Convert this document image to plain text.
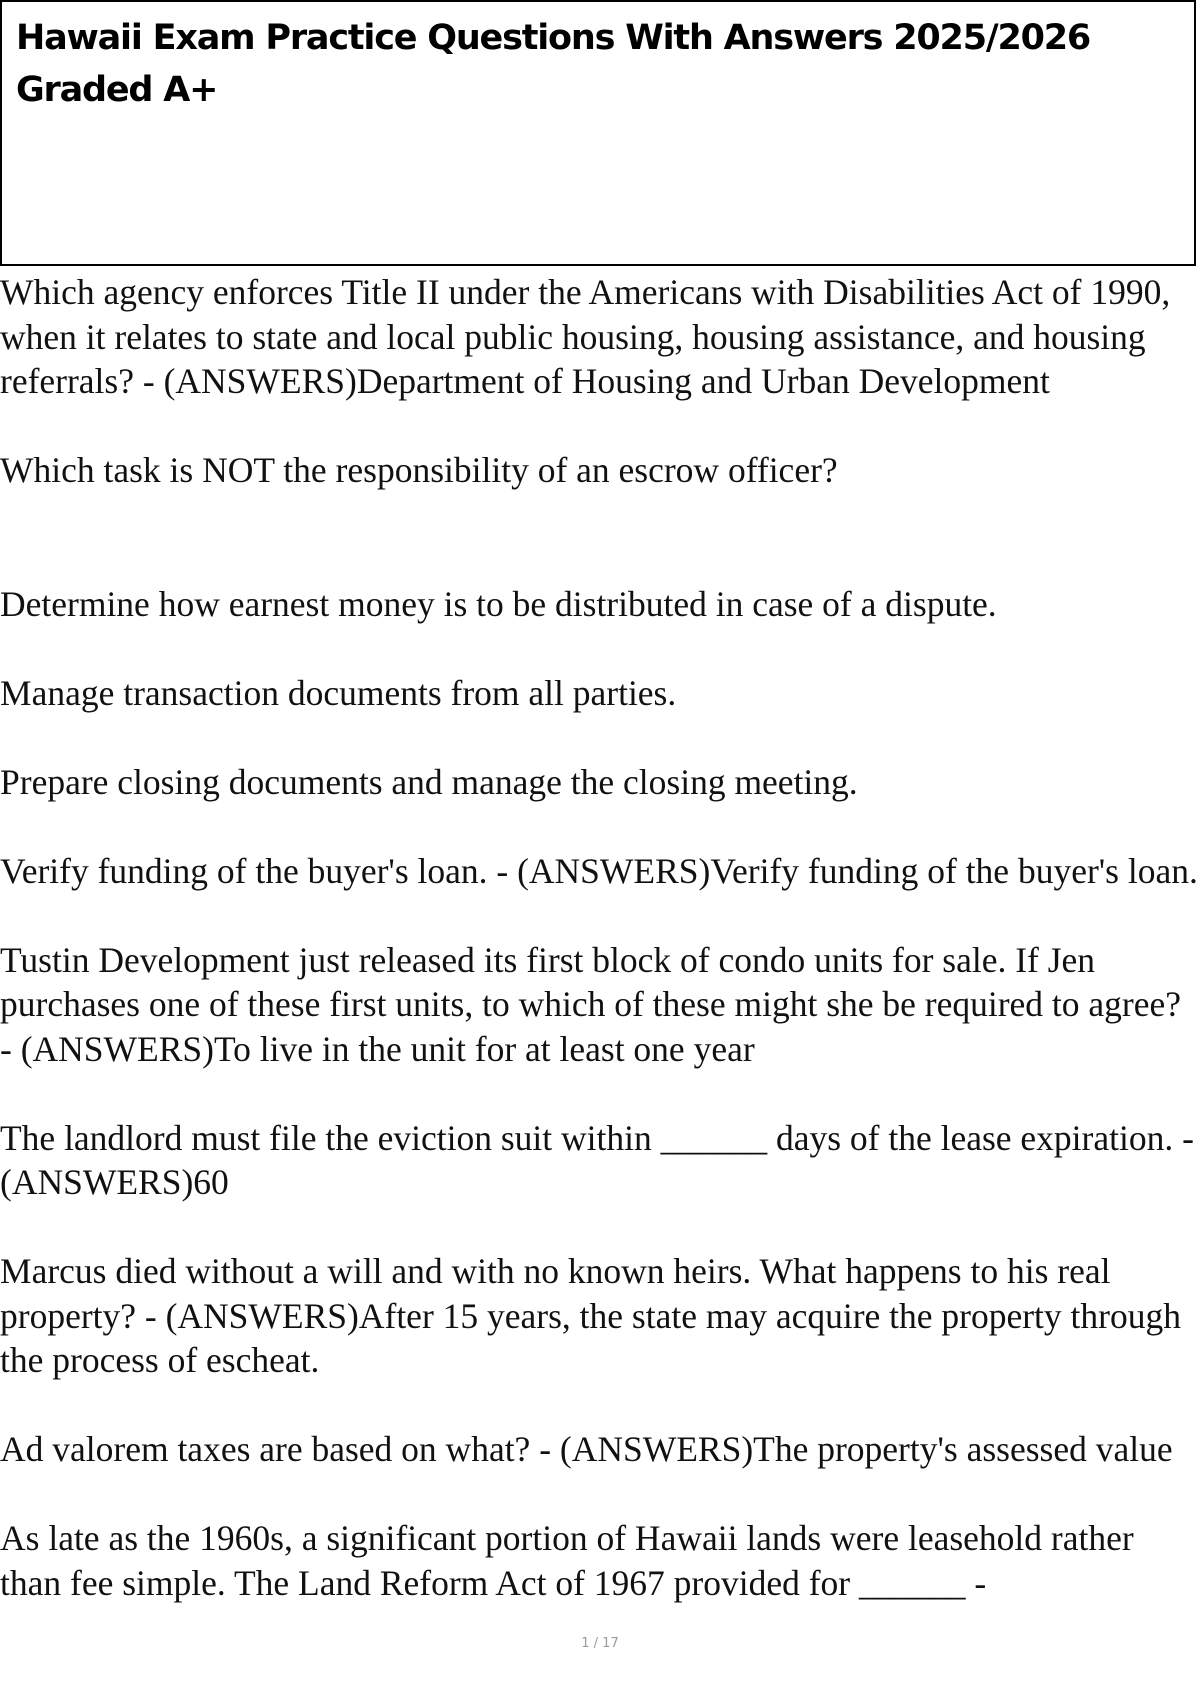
Hawaii Exam Practice Questions With Answers 2025/2026 Graded A+

Which agency enforces Title II under the Americans with Disabilities Act of 1990, when it relates to state and local public housing, housing assistance, and housing referrals? - (ANSWERS)Department of Housing and Urban Development

Which task is NOT the responsibility of an escrow officer?

Determine how earnest money is to be distributed in case of a dispute.

Manage transaction documents from all parties.

Prepare closing documents and manage the closing meeting.

Verify funding of the buyer's loan. - (ANSWERS)Verify funding of the buyer's loan.

Tustin Development just released its first block of condo units for sale. If Jen purchases one of these first units, to which of these might she be required to agree? - (ANSWERS)To live in the unit for at least one year

The landlord must file the eviction suit within ______ days of the lease expiration. - (ANSWERS)60

Marcus died without a will and with no known heirs. What happens to his real property? - (ANSWERS)After 15 years, the state may acquire the property through the process of escheat.

Ad valorem taxes are based on what? - (ANSWERS)The property's assessed value

As late as the 1960s, a significant portion of Hawaii lands were leasehold rather than fee simple. The Land Reform Act of 1967 provided for ______ -

1 / 17
